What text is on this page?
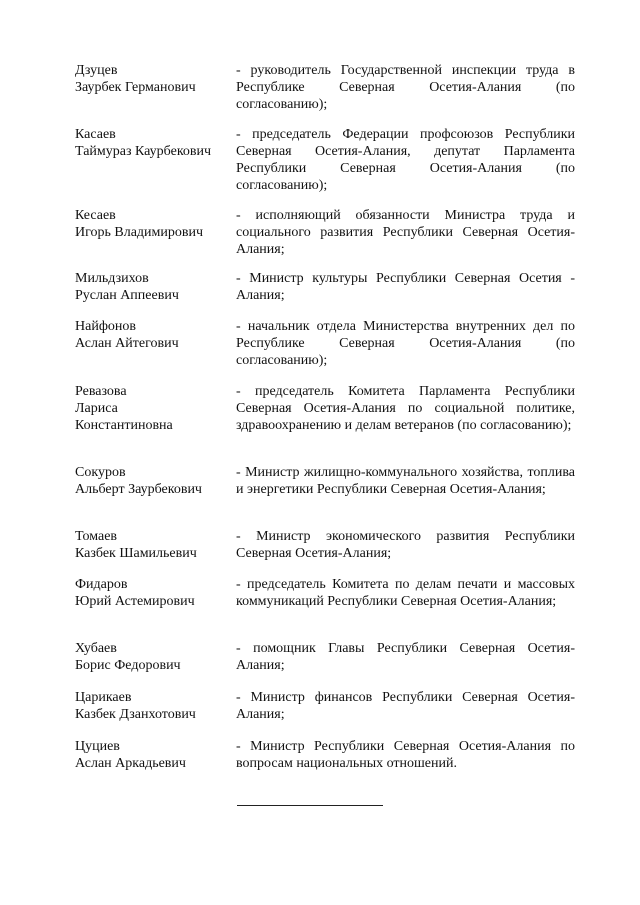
Дзуцев
Заурбек Германович
- руководитель Государственной инспекции труда в Республике Северная Осетия-Алания (по согласованию);
Касаев
Таймураз Каурбекович
- председатель Федерации профсоюзов Республики Северная Осетия-Алания, депутат Парламента Республики Северная Осетия-Алания (по согласованию);
Кесаев
Игорь Владимирович
- исполняющий обязанности Министра труда и социального развития Республики Северная Осетия-Алания;
Мильдзихов
Руслан Аппеевич
- Министр культуры Республики Северная Осетия - Алания;
Найфонов
Аслан Айтегович
- начальник отдела Министерства внутренних дел по Республике Северная Осетия-Алания (по согласованию);
Ревазова
Лариса
Константиновна
- председатель Комитета Парламента Республики Северная Осетия-Алания по социальной политике, здравоохранению и делам ветеранов (по согласованию);
Сокуров
Альберт Заурбекович
- Министр жилищно-коммунального хозяйства, топлива и энергетики Республики Северная Осетия-Алания;
Томаев
Казбек Шамильевич
- Министр экономического развития Республики Северная Осетия-Алания;
Фидаров
Юрий Астемирович
- председатель Комитета по делам печати и массовых коммуникаций Республики Северная Осетия-Алания;
Хубаев
Борис Федорович
- помощник Главы Республики Северная Осетия-Алания;
Царикаев
Казбек Дзанхотович
- Министр финансов Республики Северная Осетия-Алания;
Цуциев
Аслан Аркадьевич
- Министр Республики Северная Осетия-Алания по вопросам национальных отношений.
